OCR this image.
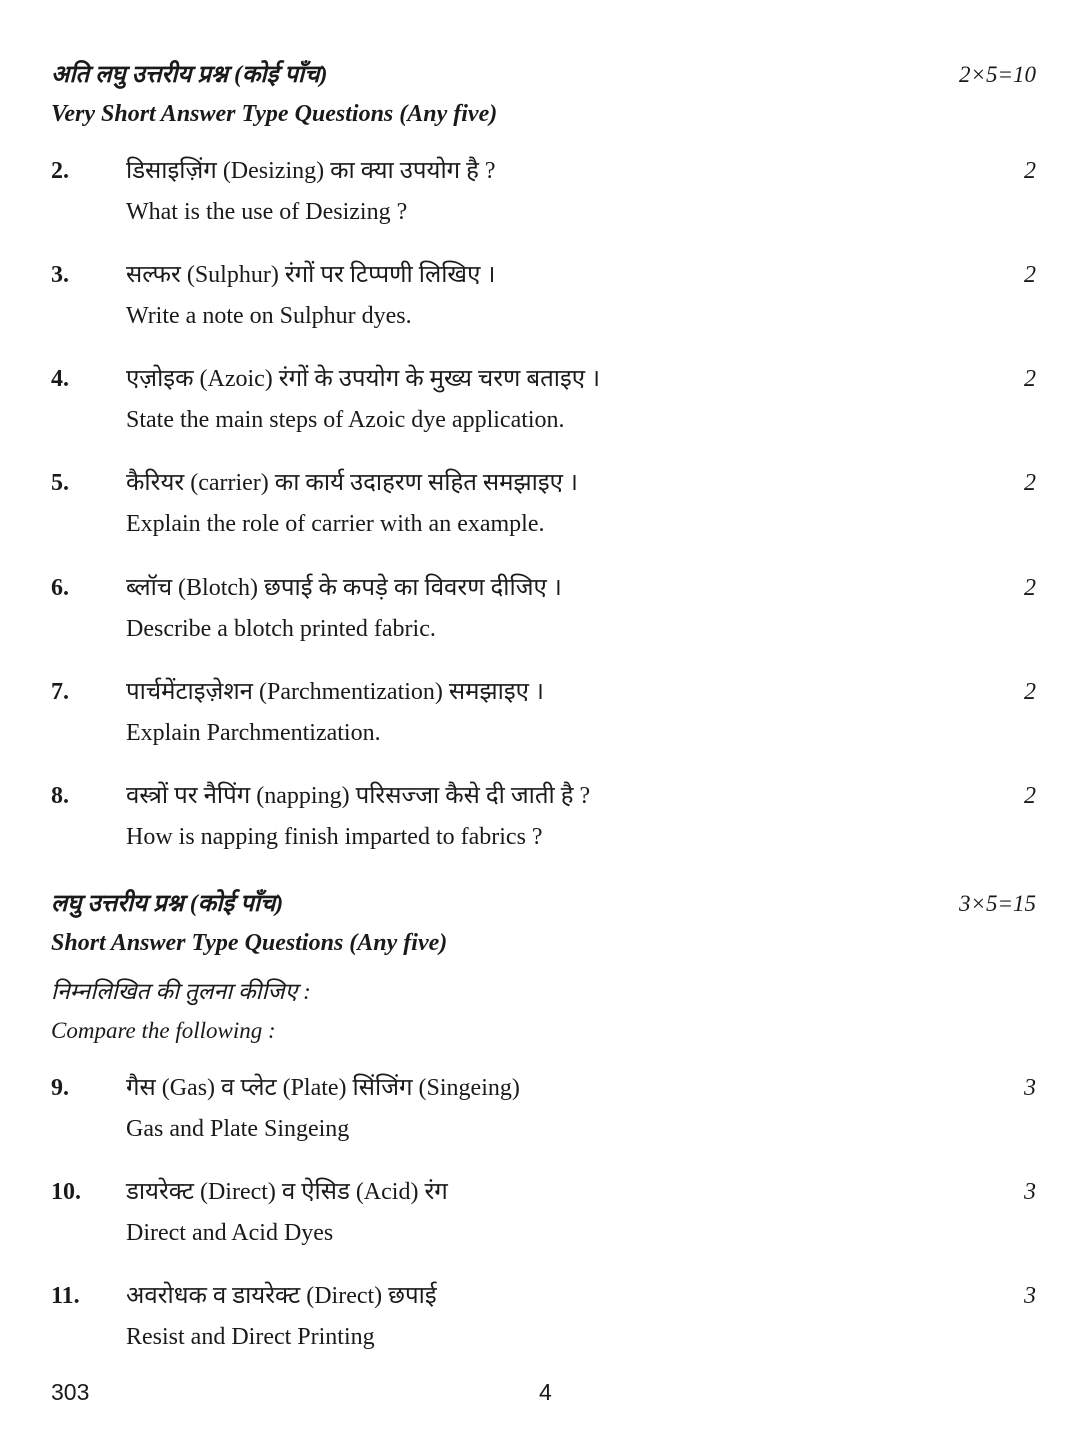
अति लघु उत्तरीय प्रश्न (कोई पाँच)
Very Short Answer Type Questions (Any five)
2×5=10
2. डिसाइज़िंग (Desizing) का क्या उपयोग है ?
What is the use of Desizing ?
2
3. सल्फर (Sulphur) रंगों पर टिप्पणी लिखिए ।
Write a note on Sulphur dyes.
2
4. एज़ोइक (Azoic) रंगों के उपयोग के मुख्य चरण बताइए ।
State the main steps of Azoic dye application.
2
5. कैरियर (carrier) का कार्य उदाहरण सहित समझाइए ।
Explain the role of carrier with an example.
2
6. ब्लॉच (Blotch) छपाई के कपड़े का विवरण दीजिए ।
Describe a blotch printed fabric.
2
7. पार्चमेंटाइज़ेशन (Parchmentization) समझाइए ।
Explain Parchmentization.
2
8. वस्त्रों पर नैपिंग (napping) परिसज्जा कैसे दी जाती है ?
How is napping finish imparted to fabrics ?
2
लघु उत्तरीय प्रश्न (कोई पाँच)
Short Answer Type Questions (Any five)
3×5=15
निम्नलिखित की तुलना कीजिए :
Compare the following :
9. गैस (Gas) व प्लेट (Plate) सिंजिंग (Singeing)
Gas and Plate Singeing
3
10. डायरेक्ट (Direct) व ऐसिड (Acid) रंग
Direct and Acid Dyes
3
11. अवरोधक व डायरेक्ट (Direct) छपाई
Resist and Direct Printing
3
303	4
